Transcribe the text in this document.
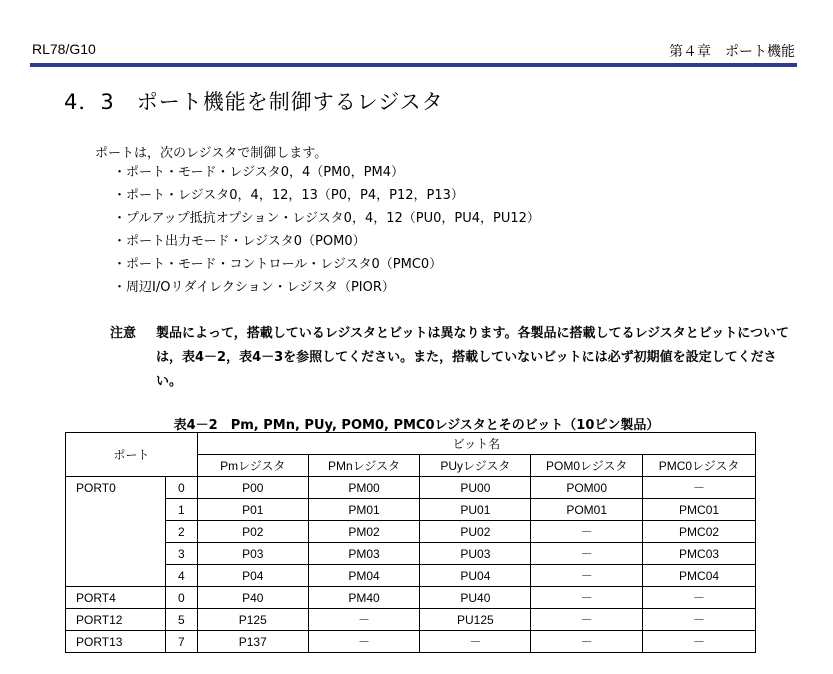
RL78/G10	第４章　ポート機能
4．3　ポート機能を制御するレジスタ
ポートは，次のレジスタで制御します。
・ポート・モード・レジスタ0，4（PM0，PM4）
・ポート・レジスタ0，4，12，13（P0，P4，P12，P13）
・プルアップ抵抗オプション・レジスタ0，4，12（PU0，PU4，PU12）
・ポート出力モード・レジスタ0（POM0）
・ポート・モード・コントロール・レジスタ0（PMC0）
・周辺I/Oリダイレクション・レジスタ（PIOR）
注意	製品によって，搭載しているレジスタとビットは異なります。各製品に搭載してるレジスタとビットについては，表4－2，表4－3を参照してください。また，搭載していないビットには必ず初期値を設定してください。
表4－2　Pm, PMn, PUy, POM0, PMC0レジスタとそのビット（10ピン製品）
ポート		ビット名				
		Pmレジスタ	PMnレジスタ	PUyレジスタ	POM0レジスタ	PMC0レジスタ
PORT0	0	P00	PM00	PU00	POM00	－
	1	P01	PM01	PU01	POM01	PMC01
	2	P02	PM02	PU02	－	PMC02
	3	P03	PM03	PU03	－	PMC03
	4	P04	PM04	PU04	－	PMC04
PORT4	0	P40	PM40	PU40	－	－
PORT12	5	P125	－	PU125	－	－
PORT13	7	P137	－	－	－	－
